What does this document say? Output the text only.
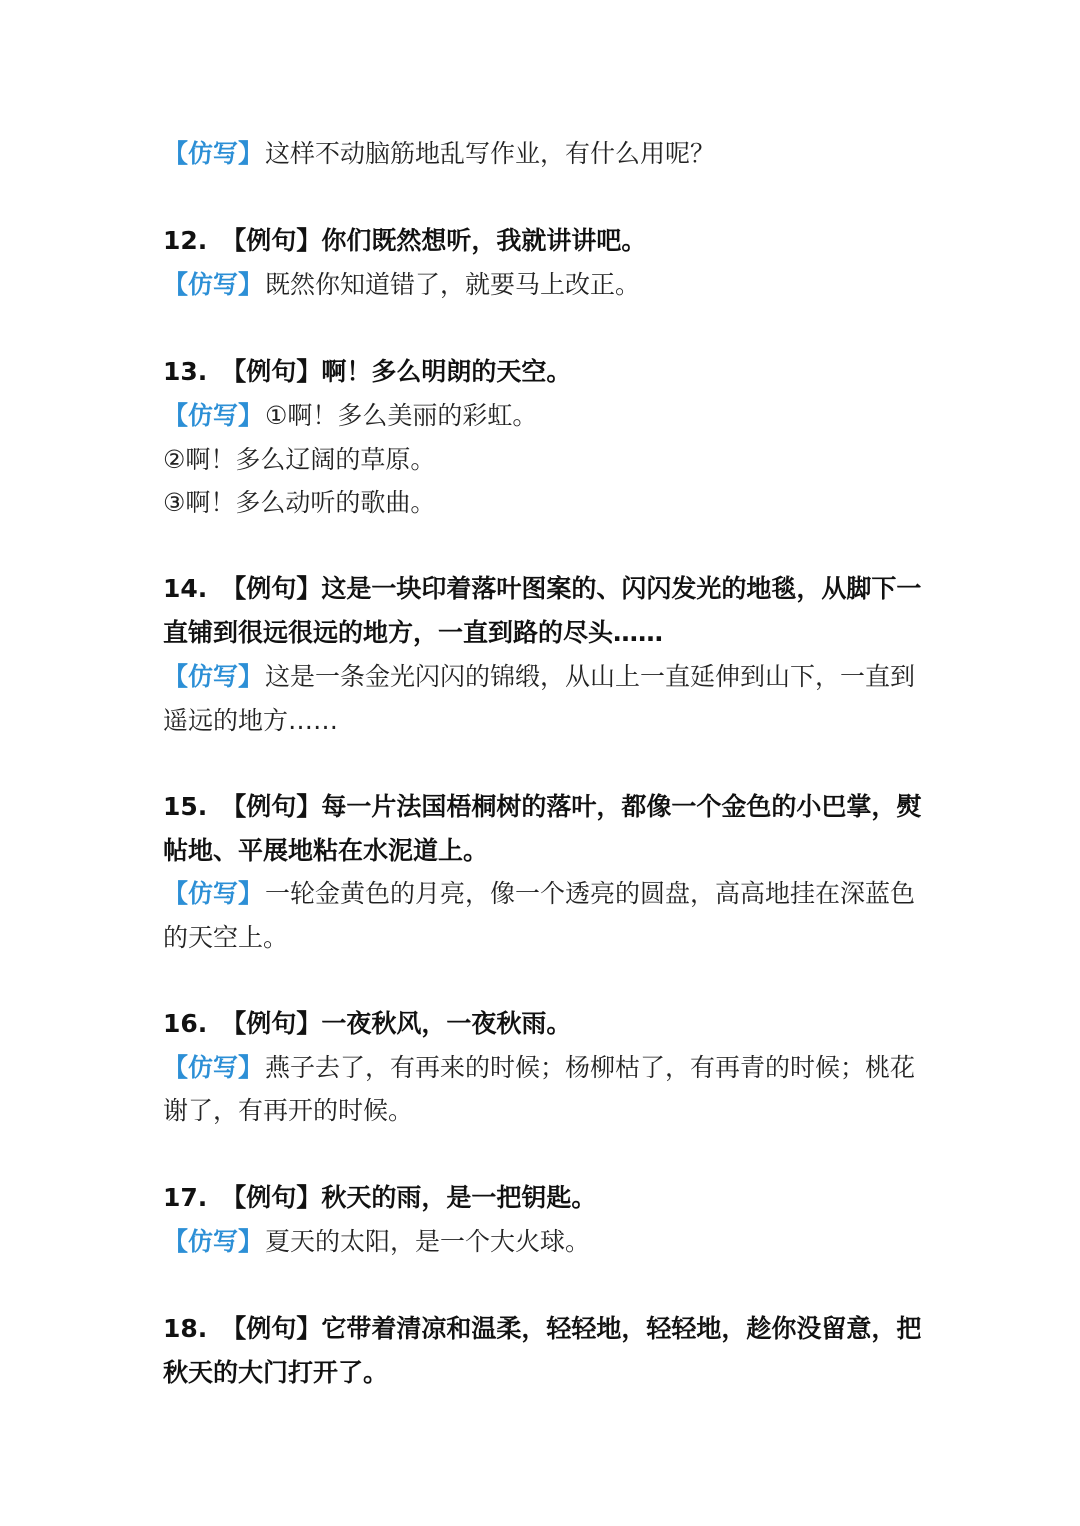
【仿写】这样不动脑筋地乱写作业，有什么用呢？
12. 【例句】你们既然想听，我就讲讲吧。
【仿写】既然你知道错了，就要马上改正。
13. 【例句】啊！多么明朗的天空。
【仿写】①啊！多么美丽的彩虹。
②啊！多么辽阔的草原。
③啊！多么动听的歌曲。
14. 【例句】这是一块印着落叶图案的、闪闪发光的地毯，从脚下一
直铺到很远很远的地方，一直到路的尽头……
【仿写】这是一条金光闪闪的锦缎，从山上一直延伸到山下，一直到
遥远的地方……
15. 【例句】每一片法国梧桐树的落叶，都像一个金色的小巴掌，熨
帖地、平展地粘在水泥道上。
【仿写】一轮金黄色的月亮，像一个透亮的圆盘，高高地挂在深蓝色
的天空上。
16. 【例句】一夜秋风，一夜秋雨。
【仿写】燕子去了，有再来的时候；杨柳枯了，有再青的时候；桃花
谢了，有再开的时候。
17. 【例句】秋天的雨，是一把钥匙。
【仿写】夏天的太阳，是一个大火球。
18. 【例句】它带着清凉和温柔，轻轻地，轻轻地，趁你没留意，把
秋天的大门打开了。
